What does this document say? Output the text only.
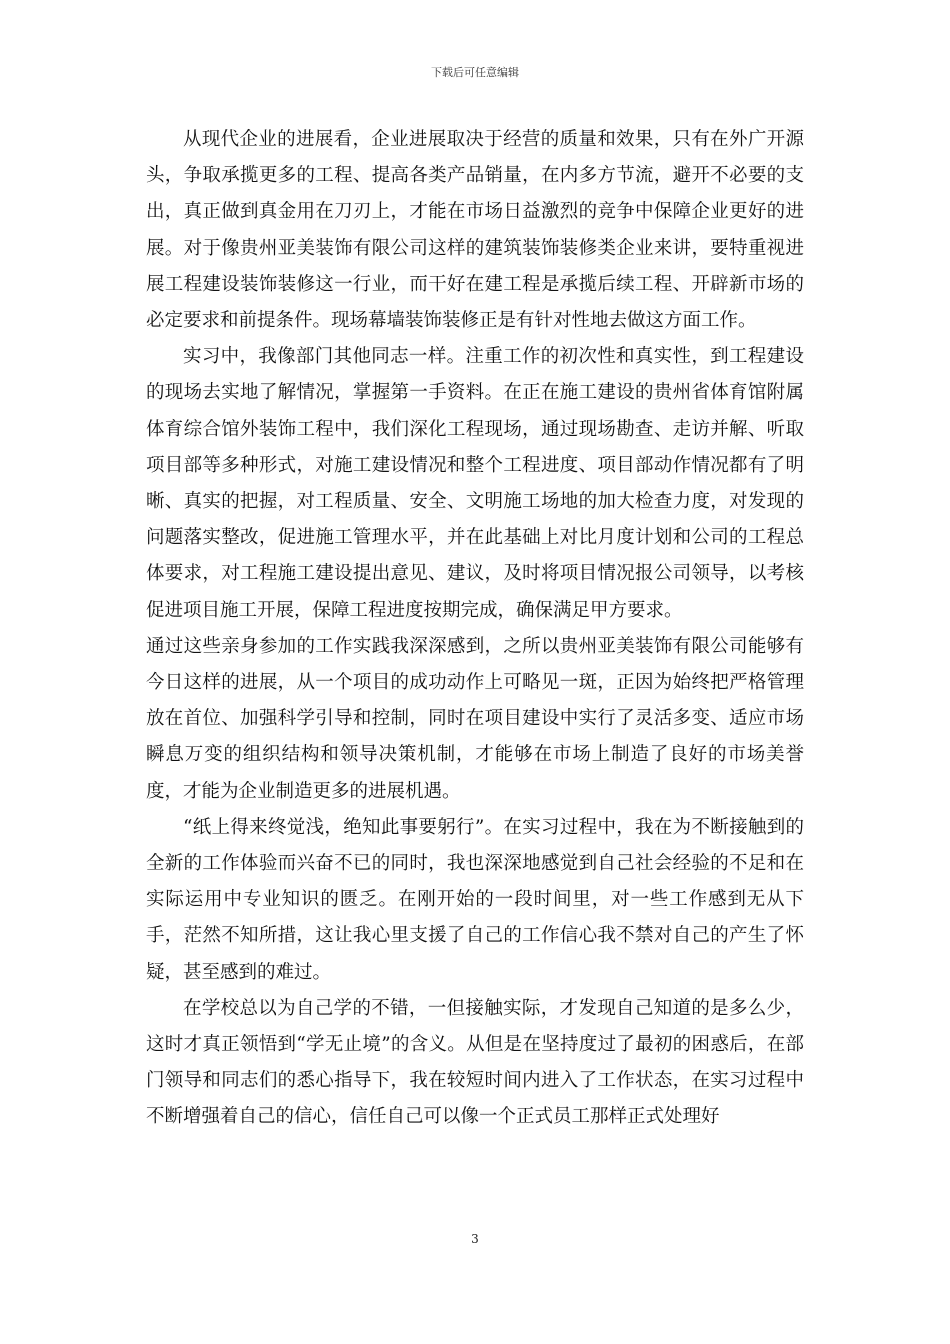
下载后可任意编辑

从现代企业的进展看，企业进展取决于经营的质量和效果，只有在外广开源头，争取承揽更多的工程、提高各类产品销量，在内多方节流，避开不必要的支出，真正做到真金用在刀刃上，才能在市场日益激烈的竞争中保障企业更好的进展。对于像贵州亚美装饰有限公司这样的建筑装饰装修类企业来讲，要特重视进展工程建设装饰装修这一行业，而干好在建工程是承揽后续工程、开辟新市场的必定要求和前提条件。现场幕墙装饰装修正是有针对性地去做这方面工作。

实习中，我像部门其他同志一样。注重工作的初次性和真实性，到工程建设的现场去实地了解情况，掌握第一手资料。在正在施工建设的贵州省体育馆附属体育综合馆外装饰工程中，我们深化工程现场，通过现场勘查、走访并解、听取项目部等多种形式，对施工建设情况和整个工程进度、项目部动作情况都有了明晰、真实的把握，对工程质量、安全、文明施工场地的加大检查力度，对发现的问题落实整改，促进施工管理水平，并在此基础上对比月度计划和公司的工程总体要求，对工程施工建设提出意见、建议，及时将项目情况报公司领导，以考核促进项目施工开展，保障工程进度按期完成，确保满足甲方要求。

通过这些亲身参加的工作实践我深深感到，之所以贵州亚美装饰有限公司能够有今日这样的进展，从一个项目的成功动作上可略见一斑，正因为始终把严格管理放在首位、加强科学引导和控制，同时在项目建设中实行了灵活多变、适应市场瞬息万变的组织结构和领导决策机制，才能够在市场上制造了良好的市场美誉度，才能为企业制造更多的进展机遇。

“纸上得来终觉浅，绝知此事要躬行”。在实习过程中，我在为不断接触到的全新的工作体验而兴奋不已的同时，我也深深地感觉到自己社会经验的不足和在实际运用中专业知识的匮乏。在刚开始的一段时间里，对一些工作感到无从下手，茫然不知所措，这让我心里支援了自己的工作信心我不禁对自己的产生了怀疑，甚至感到的难过。

在学校总以为自己学的不错，一但接触实际，才发现自己知道的是多么少，这时才真正领悟到“学无止境”的含义。从但是在坚持度过了最初的困惑后，在部门领导和同志们的悉心指导下，我在较短时间内进入了工作状态，在实习过程中不断增强着自己的信心，信任自己可以像一个正式员工那样正式处理好

3
